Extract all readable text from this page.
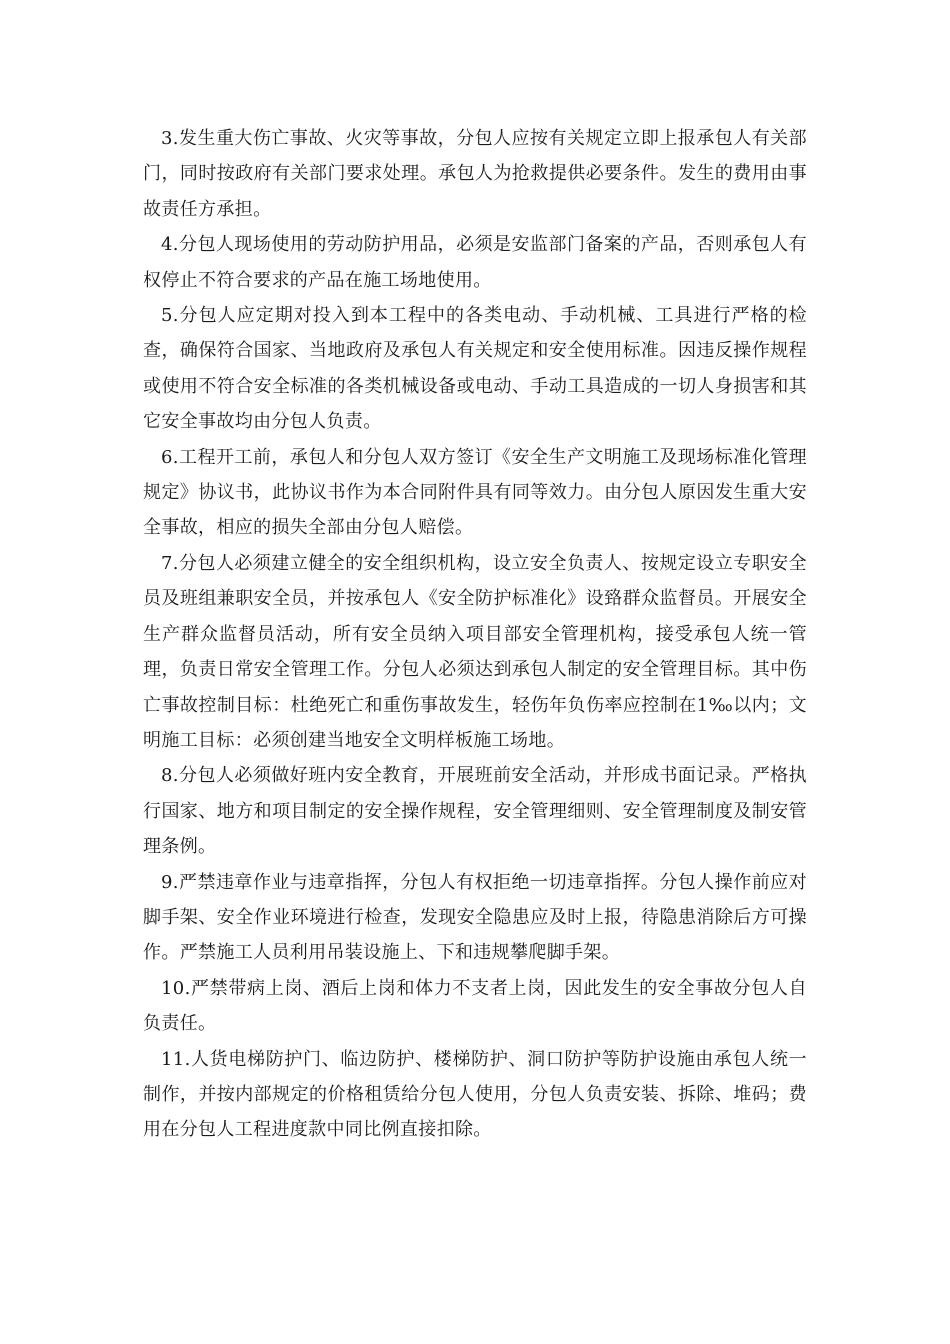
3.发生重大伤亡事故、火灾等事故，分包人应按有关规定立即上报承包人有关部门，同时按政府有关部门要求处理。承包人为抢救提供必要条件。发生的费用由事故责任方承担。

4.分包人现场使用的劳动防护用品，必须是安监部门备案的产品，否则承包人有权停止不符合要求的产品在施工场地使用。

5.分包人应定期对投入到本工程中的各类电动、手动机械、工具进行严格的检查，确保符合国家、当地政府及承包人有关规定和安全使用标准。因违反操作规程或使用不符合安全标准的各类机械设备或电动、手动工具造成的一切人身损害和其它安全事故均由分包人负责。

6.工程开工前，承包人和分包人双方签订《安全生产文明施工及现场标准化管理规定》协议书，此协议书作为本合同附件具有同等效力。由分包人原因发生重大安全事故，相应的损失全部由分包人赔偿。

7.分包人必须建立健全的安全组织机构，设立安全负责人、按规定设立专职安全员及班组兼职安全员，并按承包人《安全防护标准化》设臵群众监督员。开展安全生产群众监督员活动，所有安全员纳入项目部安全管理机构，接受承包人统一管理，负责日常安全管理工作。分包人必须达到承包人制定的安全管理目标。其中伤亡事故控制目标：杜绝死亡和重伤事故发生，轻伤年负伤率应控制在1‰以内；文明施工目标：必须创建当地安全文明样板施工场地。

8.分包人必须做好班内安全教育，开展班前安全活动，并形成书面记录。严格执行国家、地方和项目制定的安全操作规程，安全管理细则、安全管理制度及制安管理条例。

9.严禁违章作业与违章指挥，分包人有权拒绝一切违章指挥。分包人操作前应对脚手架、安全作业环境进行检查，发现安全隐患应及时上报，待隐患消除后方可操作。严禁施工人员利用吊装设施上、下和违规攀爬脚手架。

10.严禁带病上岗、酒后上岗和体力不支者上岗，因此发生的安全事故分包人自负责任。

11.人货电梯防护门、临边防护、楼梯防护、洞口防护等防护设施由承包人统一制作，并按内部规定的价格租赁给分包人使用，分包人负责安装、拆除、堆码；费用在分包人工程进度款中同比例直接扣除。
